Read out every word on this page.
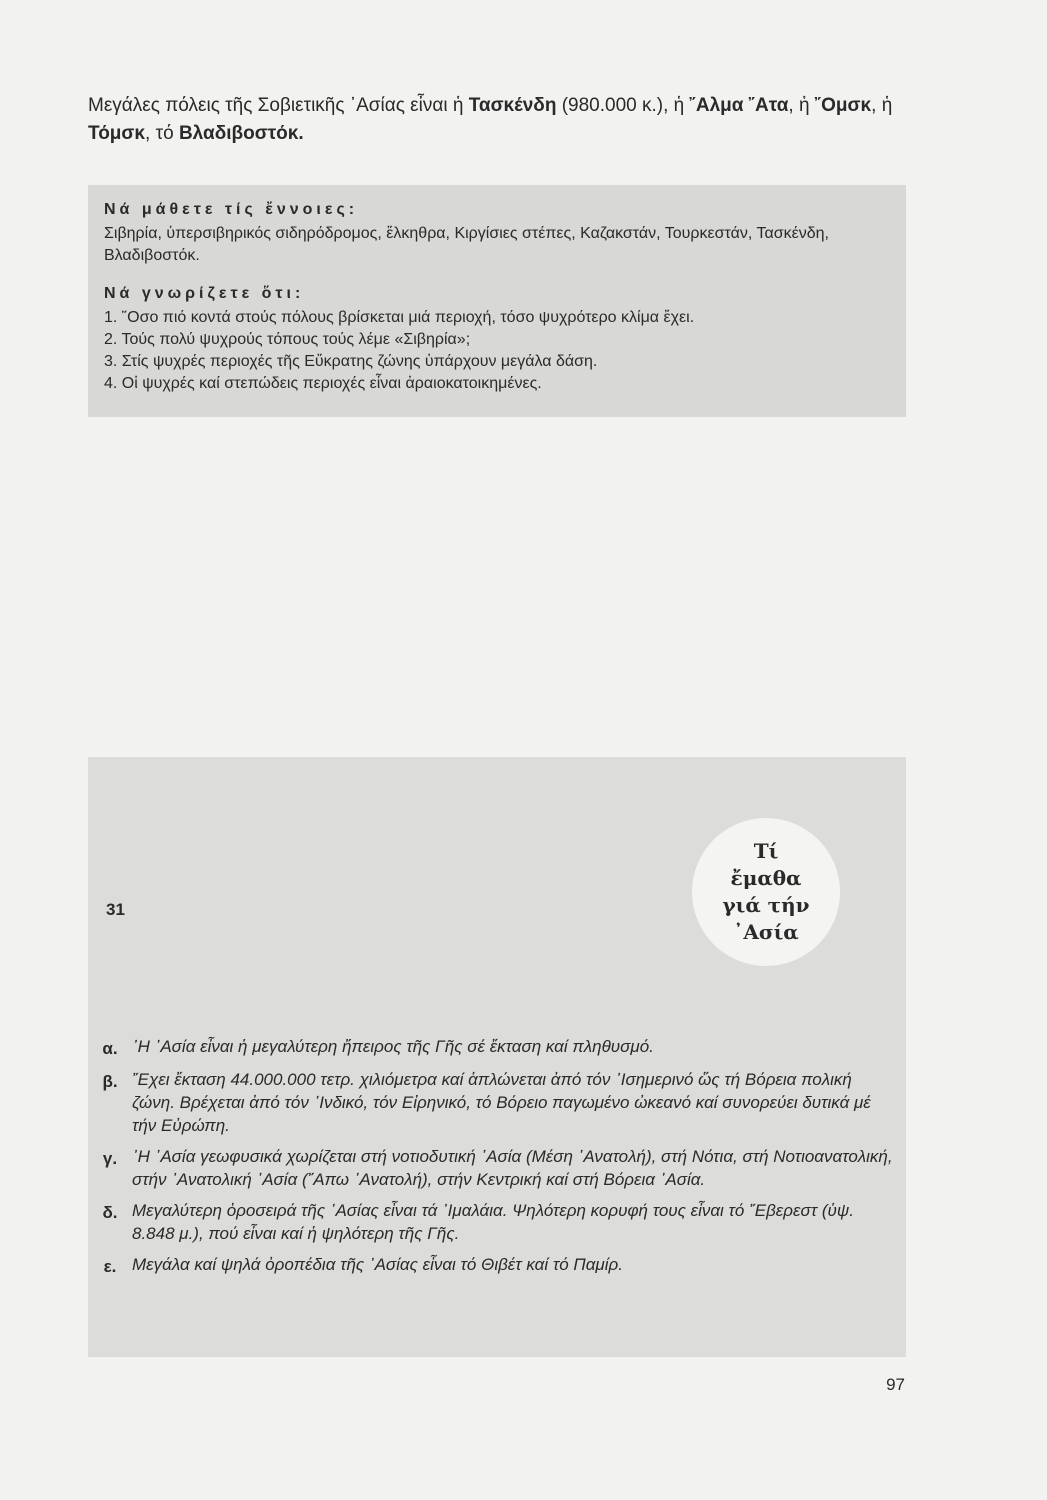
Μεγάλες πόλεις τῆς Σοβιετικῆς ᾽Ασίας εἶναι ἡ Τασκένδη (980.000 κ.), ἡ ῎Αλμα ῎Ατα, ἡ ῎Ομσκ, ἡ Τόμσκ, τό Βλαδιβοστόκ.
Νά μάθετε τίς ἔννοιες:
Σιβηρία, ὑπερσιβηρικός σιδηρόδρομος, ἕλκηθρα, Κιργίσιες στέπες, Καζακστάν, Τουρκεστάν, Τασκένδη, Βλαδιβοστόκ.
Νά γνωρίζετε ὅτι:
1. ῞Οσο πιό κοντά στούς πόλους βρίσκεται μιά περιοχή, τόσο ψυχρότερο κλίμα ἔχει.
2. Τούς πολύ ψυχρούς τόπους τούς λέμε «Σιβηρία»;
3. Στίς ψυχρές περιοχές τῆς Εὔκρατης ζώνης ὑπάρχουν μεγάλα δάση.
4. Οἱ ψυχρές καί στεπώδεις περιοχές εἶναι ἀραιοκατοικημένες.
31
Τί
ἔμαθα
γιά τήν
᾽Ασία
α. ᾽Η ᾽Ασία εἶναι ἡ μεγαλύτερη ἤπειρος τῆς Γῆς σέ ἔκταση καί πληθυσμό.
β. ῎Εχει ἔκταση 44.000.000 τετρ. χιλιόμετρα καί ἁπλώνεται ἀπό τόν ᾽Ισημερινό ὥς τή Βόρεια πολική ζώνη. Βρέχεται ἀπό τόν ᾽Ινδικό, τόν Εἰρηνικό, τό Βόρειο παγωμένο ὠκεανό καί συνορεύει δυτικά μέ τήν Εὐρώπη.
γ. ᾽Η ᾽Ασία γεωφυσικά χωρίζεται στή νοτιοδυτική ᾽Ασία (Μέση ᾽Ανατολή), στή Νότια, στή Νοτιοανατολική, στήν ᾽Ανατολική ᾽Ασία (῎Απω ᾽Ανατολή), στήν Κεντρική καί στή Βόρεια ᾽Ασία.
δ. Μεγαλύτερη ὀροσειρά τῆς ᾽Ασίας εἶναι τά ᾽Ιμαλάια. Ψηλότερη κορυφή τους εἶναι τό ῎Εβερεστ (ὑψ. 8.848 μ.), πού εἶναι καί ἡ ψηλότερη τῆς Γῆς.
ε. Μεγάλα καί ψηλά ὀροπέδια τῆς ᾽Ασίας εἶναι τό Θιβέτ καί τό Παμίρ.
97
